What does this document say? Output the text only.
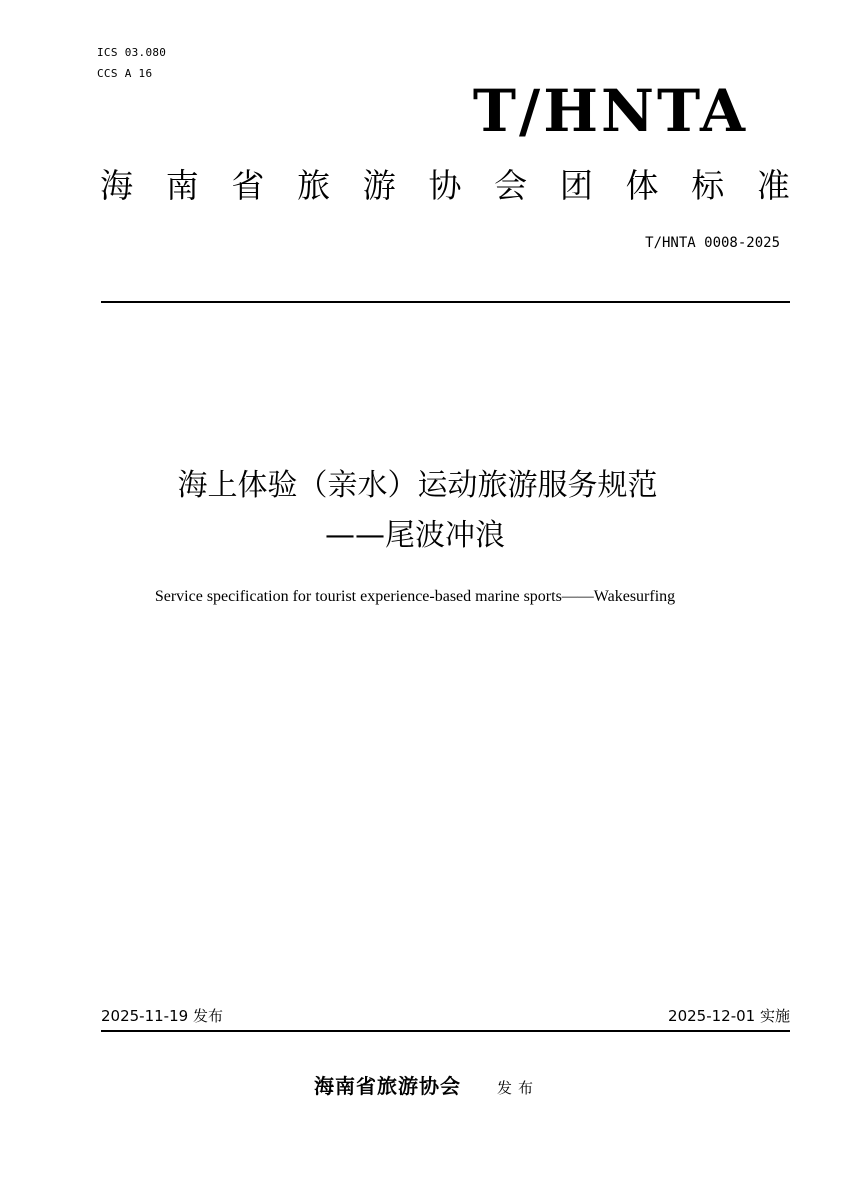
ICS 03.080
CCS A 16
T/HNTA
海 南 省 旅 游 协 会 团 体 标 准
T/HNTA 0008-2025
海上体验（亲水）运动旅游服务规范
——尾波冲浪
Service specification for tourist experience-based marine sports——Wakesurfing
2025-11-19 发布	2025-12-01 实施
海南省旅游协会 发布
